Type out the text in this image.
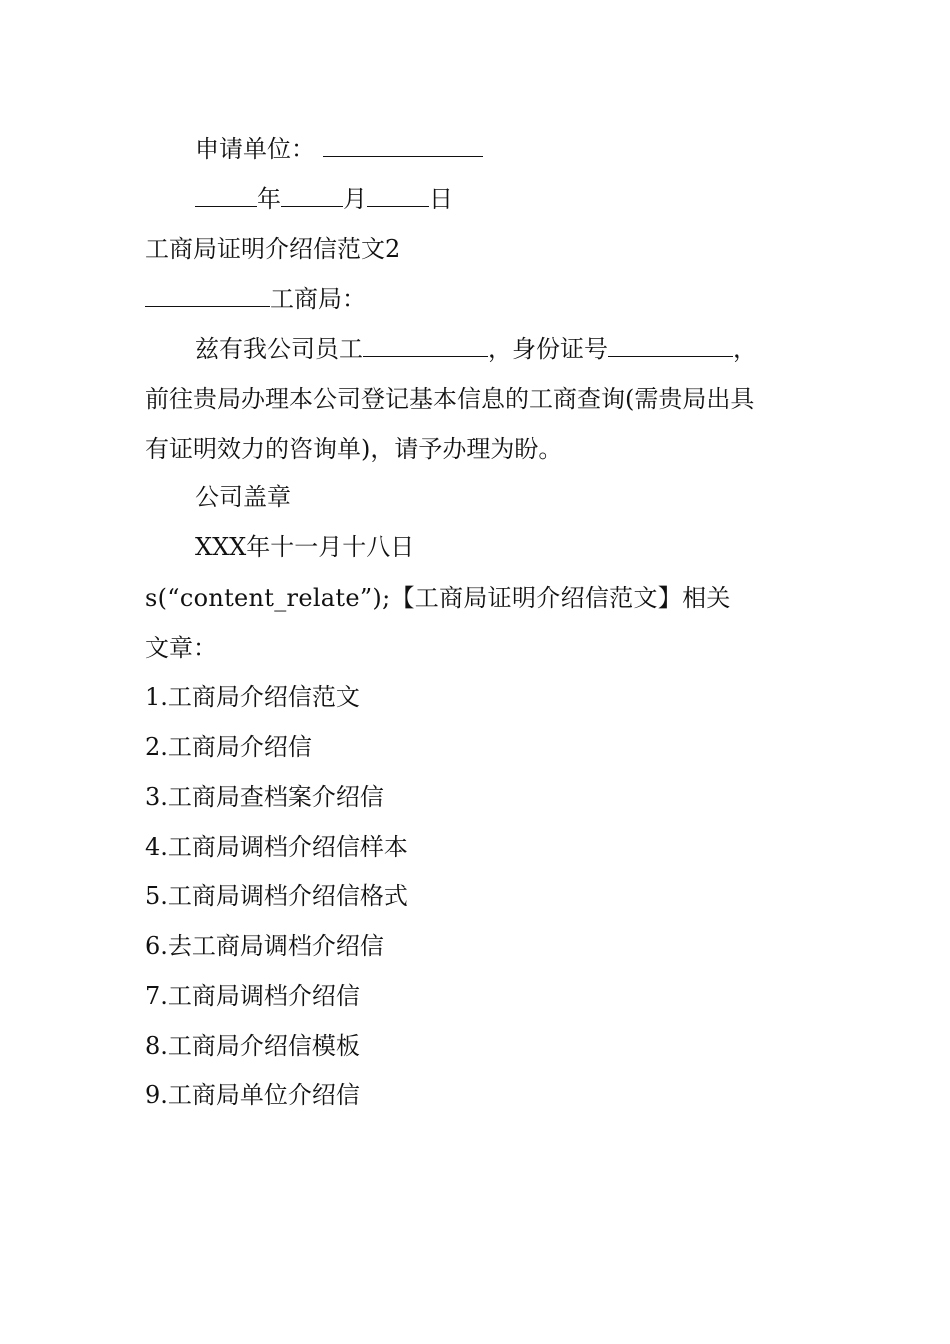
申请单位：
年	月	日
工商局证明介绍信范文2
工商局：
兹有我公司员工	，身份证号	，
前往贵局办理本公司登记基本信息的工商查询(需贵局出具
有证明效力的咨询单)，请予办理为盼。
公司盖章
XXX年十一月十八日
s(“content_relate”);【工商局证明介绍信范文】相关
文章：
1.工商局介绍信范文
2.工商局介绍信
3.工商局查档案介绍信
4.工商局调档介绍信样本
5.工商局调档介绍信格式
6.去工商局调档介绍信
7.工商局调档介绍信
8.工商局介绍信模板
9.工商局单位介绍信
